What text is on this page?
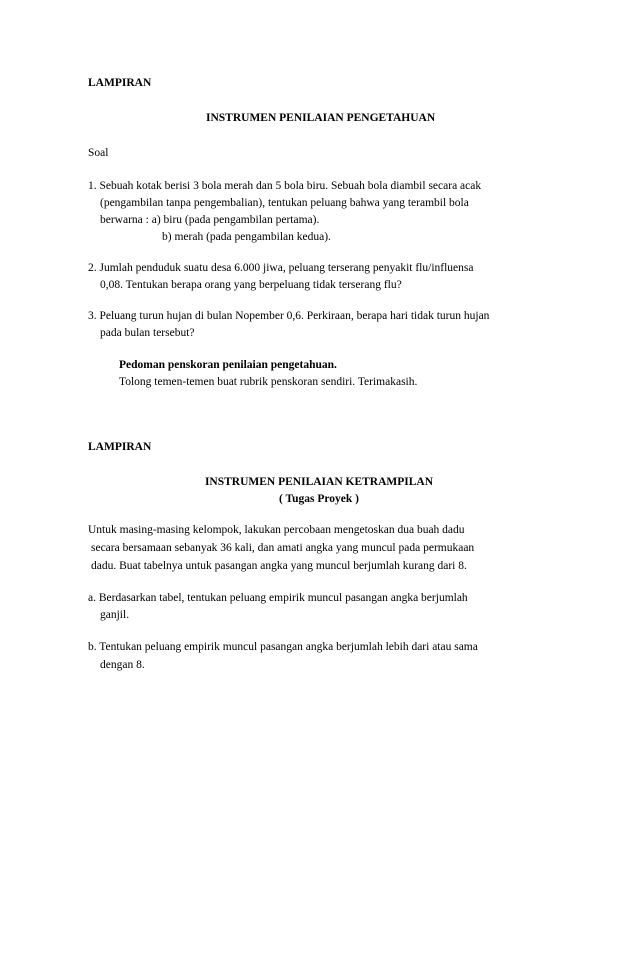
LAMPIRAN
INSTRUMEN PENILAIAN PENGETAHUAN
Soal
1. Sebuah kotak berisi 3 bola merah dan 5 bola biru. Sebuah bola diambil secara acak
(pengambilan tanpa pengembalian), tentukan peluang bahwa yang terambil bola
berwarna : a) biru (pada pengambilan pertama).
b) merah (pada pengambilan kedua).
2. Jumlah penduduk suatu desa 6.000 jiwa, peluang terserang penyakit flu/influensa
0,08. Tentukan berapa orang yang berpeluang tidak terserang flu?
3. Peluang turun hujan di bulan Nopember 0,6. Perkiraan, berapa hari tidak turun hujan
pada bulan tersebut?
Pedoman penskoran penilaian pengetahuan.
Tolong temen-temen buat rubrik penskoran sendiri. Terimakasih.
LAMPIRAN
INSTRUMEN PENILAIAN KETRAMPILAN
( Tugas Proyek )
Untuk masing-masing kelompok, lakukan percobaan mengetoskan dua buah dadu
secara bersamaan sebanyak 36 kali, dan amati angka yang muncul pada permukaan
dadu. Buat tabelnya untuk pasangan angka yang muncul berjumlah kurang dari 8.
a. Berdasarkan tabel, tentukan peluang empirik muncul pasangan angka berjumlah
ganjil.
b. Tentukan peluang empirik muncul pasangan angka berjumlah lebih dari atau sama
dengan 8.
